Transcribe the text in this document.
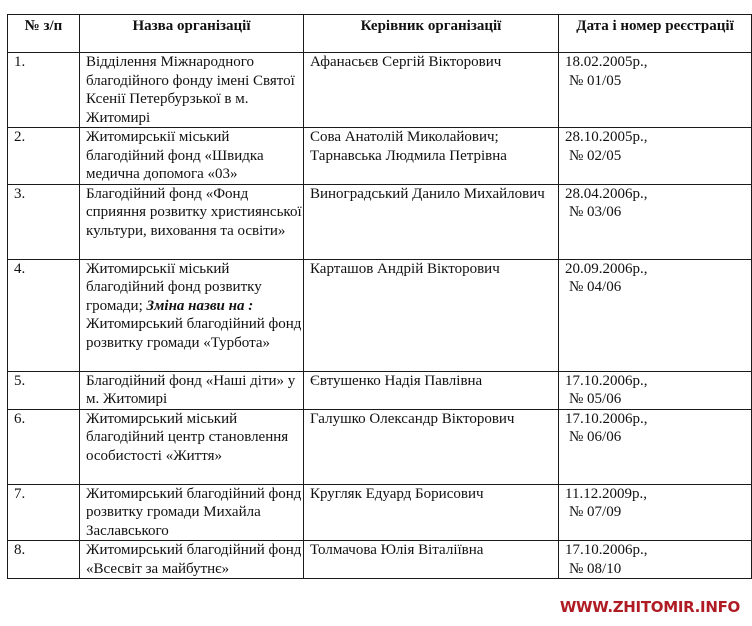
№ з/п	Назва організації	Керівник організації	Дата і номер реєстрації
1.	Відділення Міжнародного благодійного фонду імені Святої Ксенії Петербурзької в м. Житомирі	Афанасьєв Сергій Вікторович	18.02.2005р.,
№ 01/05

2.	Житомирськії міський благодійний фонд «Швидка медична допомога «03»	Сова Анатолій Миколайович; Тарнавська Людмила Петрівна	28.10.2005р.,
№ 02/05

3.	Благодійний фонд «Фонд сприяння розвитку християнської культури, виховання та освіти»	Виноградський Данило Михайлович	28.04.2006р.,
№ 03/06

4.	Житомирськії міський благодійний фонд розвитку громади; Зміна назви на : Житомирський благодійний фонд розвитку громади «Турбота»	Карташов Андрій Вікторович	20.09.2006р.,
№ 04/06

5.	Благодійний фонд «Наші діти» у м. Житомирі	Євтушенко Надія Павлівна	17.10.2006р.,
№ 05/06

6.	Житомирський міський благодійний центр становлення особистості «Життя»	Галушко Олександр Вікторович	17.10.2006р.,
№ 06/06

7.	Житомирський благодійний фонд розвитку громади Михайла Заславського	Кругляк Едуард Борисович	11.12.2009р.,
№ 07/09

8.	Житомирський благодійний фонд «Всесвіт за майбутнє»	Толмачова Юлія Віталіївна	17.10.2006р.,
№ 08/10
WWW.ZHITOMIR.INFO
